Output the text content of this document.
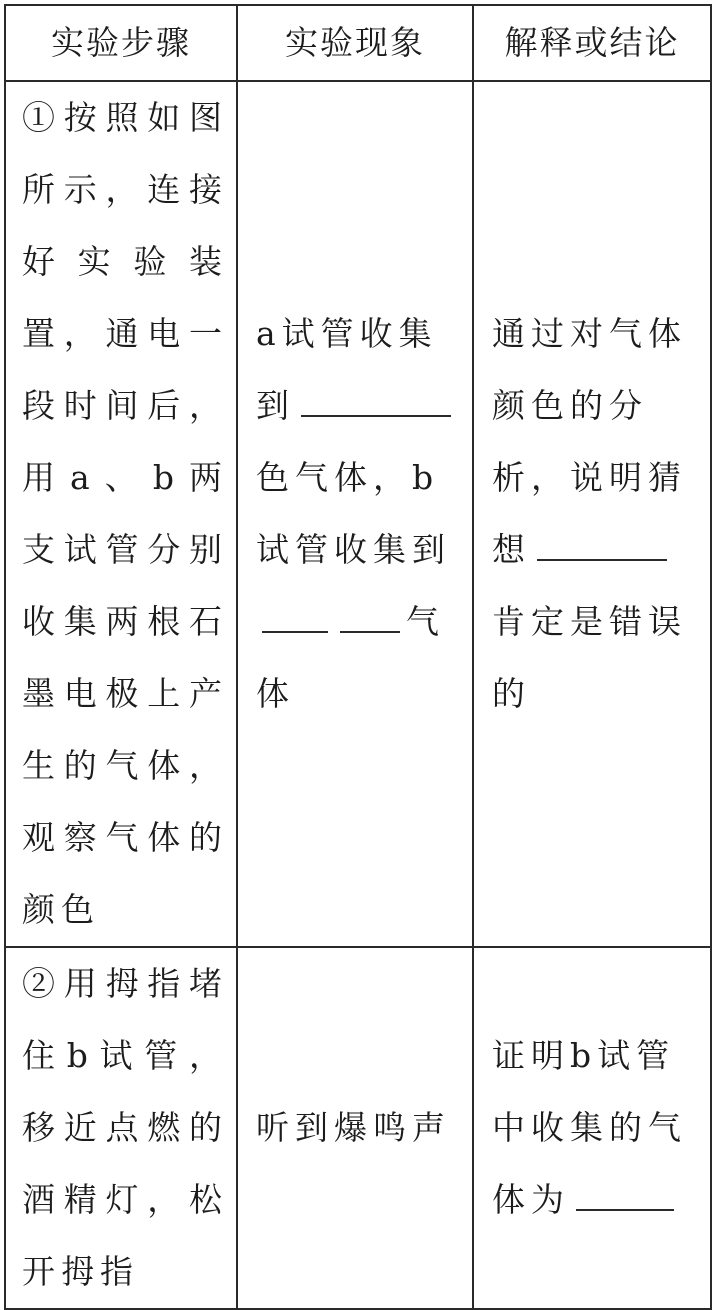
实验步骤	实验现象	解释或结论
①按照如图所示，连接好实验装置，通电一段时间后，用a、b两支试管分别收集两根石墨电极上产生的气体，观察气体的颜色	a试管收集到色气体，b试管收集到气体	通过对气体颜色的分析，说明猜想肯定是错误的
②用拇指堵住b试管，移近点燃的酒精灯，松开拇指	听到爆鸣声	证明b试管中收集的气体为
